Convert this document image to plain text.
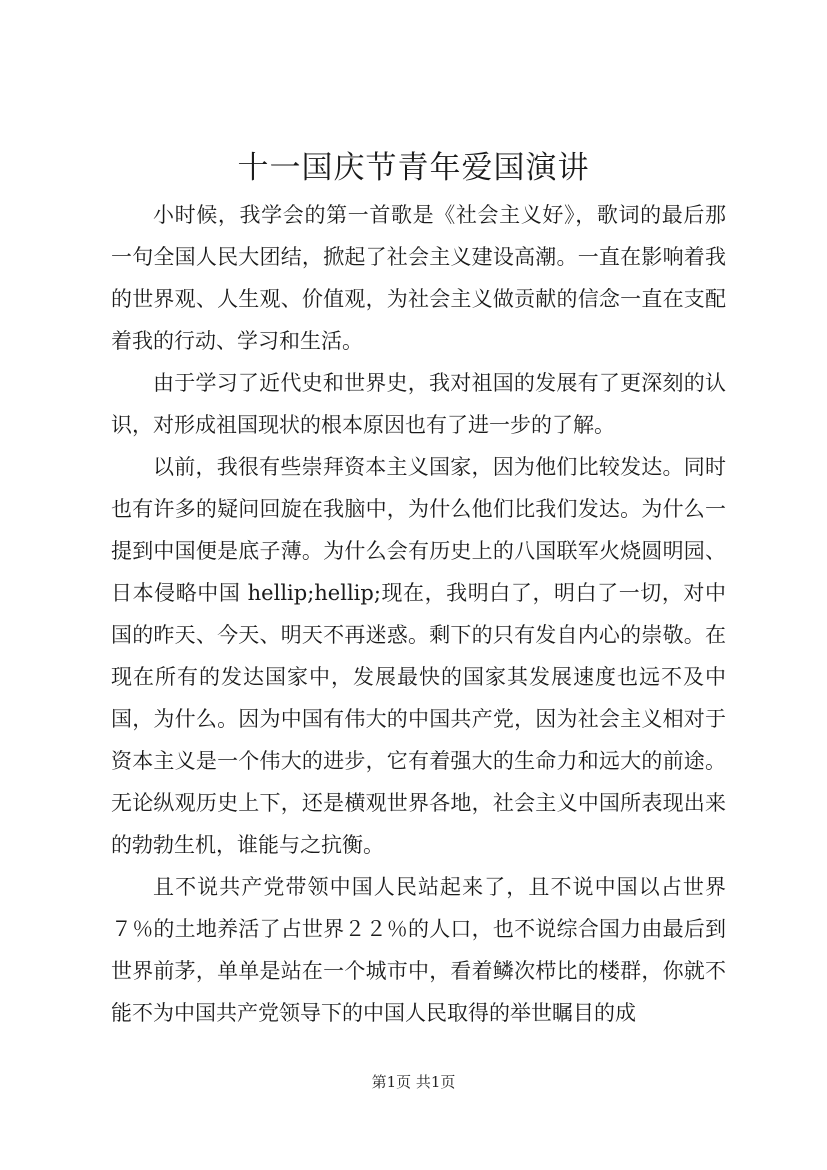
十一国庆节青年爱国演讲

小时候，我学会的第一首歌是《社会主义好》，歌词的最后那一句全国人民大团结，掀起了社会主义建设高潮。一直在影响着我的世界观、人生观、价值观，为社会主义做贡献的信念一直在支配着我的行动、学习和生活。

由于学习了近代史和世界史，我对祖国的发展有了更深刻的认识，对形成祖国现状的根本原因也有了进一步的了解。

以前，我很有些崇拜资本主义国家，因为他们比较发达。同时也有许多的疑问回旋在我脑中，为什么他们比我们发达。为什么一提到中国便是底子薄。为什么会有历史上的八国联军火烧圆明园、日本侵略中国 hellip;hellip;现在，我明白了，明白了一切，对中国的昨天、今天、明天不再迷惑。剩下的只有发自内心的崇敬。在现在所有的发达国家中，发展最快的国家其发展速度也远不及中国，为什么。因为中国有伟大的中国共产党，因为社会主义相对于资本主义是一个伟大的进步，它有着强大的生命力和远大的前途。无论纵观历史上下，还是横观世界各地，社会主义中国所表现出来的勃勃生机，谁能与之抗衡。

且不说共产党带领中国人民站起来了，且不说中国以占世界７％的土地养活了占世界２２％的人口，也不说综合国力由最后到世界前茅，单单是站在一个城市中，看着鳞次栉比的楼群，你就不能不为中国共产党领导下的中国人民取得的举世瞩目的成

第1页 共1页
